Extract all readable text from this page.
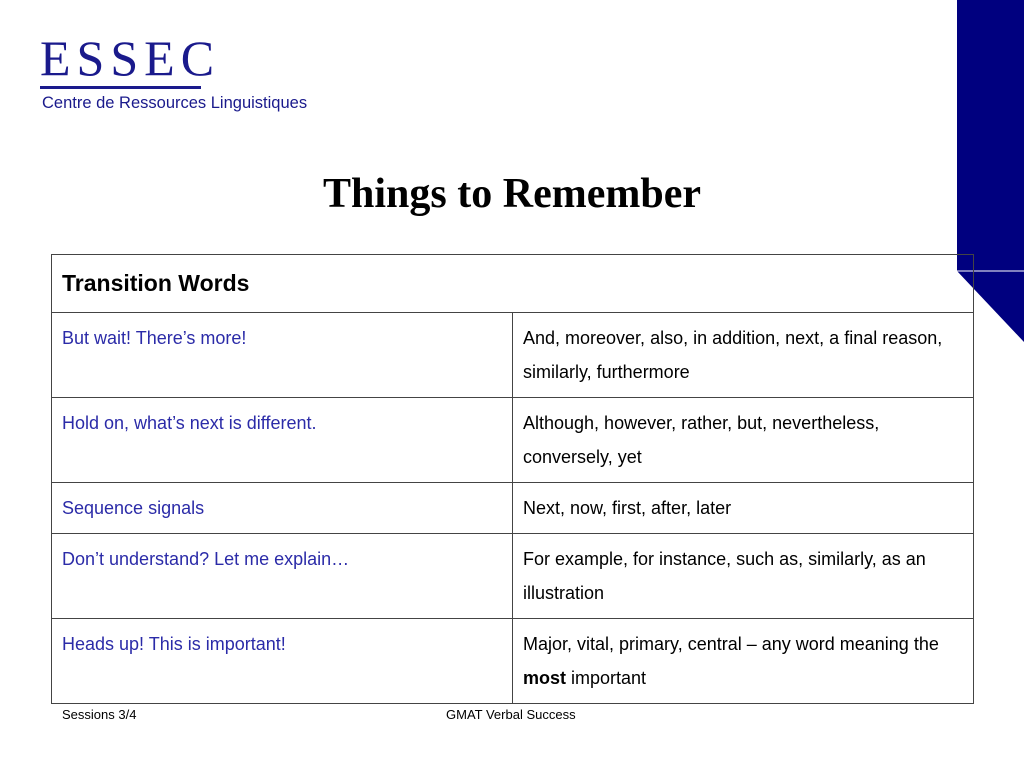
ESSEC
Centre de Ressources Linguistiques
Things to Remember
Transition Words	
But wait! There’s more!	And, moreover, also, in addition, next, a final reason, similarly, furthermore
Hold on, what’s next is different.	Although, however, rather, but, nevertheless, conversely, yet
Sequence signals	Next, now, first, after, later
Don’t understand? Let me explain…	For example, for instance, such as, similarly, as an illustration
Heads up! This is important!	Major, vital, primary, central – any word meaning the most important
Sessions 3/4	GMAT Verbal Success
